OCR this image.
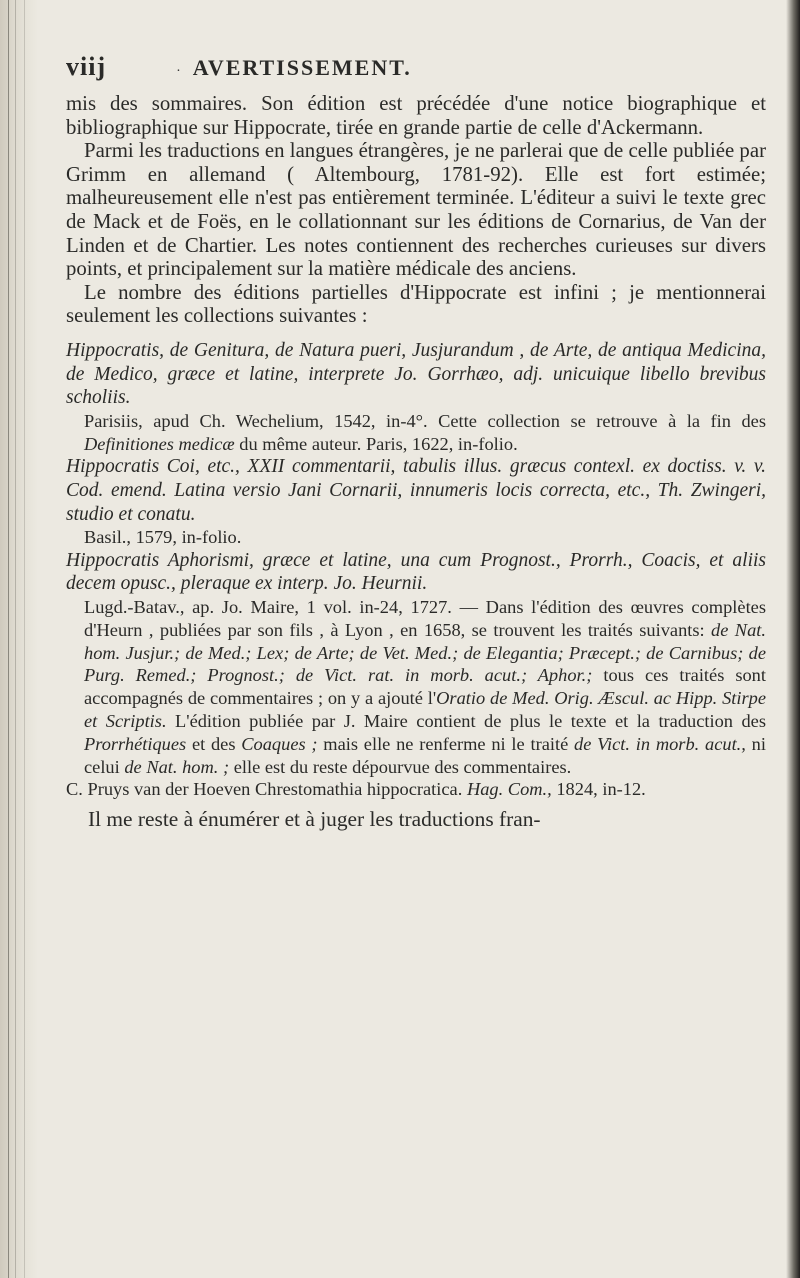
viij	· AVERTISSEMENT.

mis des sommaires. Son édition est précédée d'une notice biographique et bibliographique sur Hippocrate, tirée en grande partie de celle d'Ackermann.

Parmi les traductions en langues étrangères, je ne parlerai que de celle publiée par Grimm en allemand ( Altembourg, 1781-92). Elle est fort estimée; malheureusement elle n'est pas entièrement terminée. L'éditeur a suivi le texte grec de Mack et de Foës, en le collationnant sur les éditions de Cornarius, de Van der Linden et de Chartier. Les notes contiennent des recherches curieuses sur divers points, et principalement sur la matière médicale des anciens.

Le nombre des éditions partielles d'Hippocrate est infini ; je mentionnerai seulement les collections suivantes :

Hippocratis, de Genitura, de Natura pueri, Jusjurandum , de Arte, de antiqua Medicina, de Medico, græce et latine, interprete Jo. Gorrhæo, adj. unicuique libello brevibus scholiis.
Parisiis, apud Ch. Wechelium, 1542, in-4°. Cette collection se retrouve à la fin des Definitiones medicæ du même auteur. Paris, 1622, in-folio.
Hippocratis Coi, etc., XXII commentarii, tabulis illus. græcus contexl. ex doctiss. v. v. Cod. emend. Latina versio Jani Cornarii, innumeris locis correcta, etc., Th. Zwingeri, studio et conatu.
Basil., 1579, in-folio.
Hippocratis Aphorismi, græce et latine, una cum Prognost., Prorrh., Coacis, et aliis decem opusc., pleraque ex interp. Jo. Heurnii.
Lugd.-Batav., ap. Jo. Maire, 1 vol. in-24, 1727. — Dans l'édition des œuvres complètes d'Heurn , publiées par son fils , à Lyon , en 1658, se trouvent les traités suivants: de Nat. hom. Jusjur.; de Med.; Lex; de Arte; de Vet. Med.; de Elegantia; Præcept.; de Carnibus; de Purg. Remed.; Prognost.; de Vict. rat. in morb. acut.; Aphor.; tous ces traités sont accompagnés de commentaires ; on y a ajouté l'Oratio de Med. Orig. Æscul. ac Hipp. Stirpe et Scriptis. L'édition publiée par J. Maire contient de plus le texte et la traduction des Prorrhétiques et des Coaques ; mais elle ne renferme ni le traité de Vict. in morb. acut., ni celui de Nat. hom. ; elle est du reste dépourvue des commentaires.
C. Pruys van der Hoeven Chrestomathia hippocratica. Hag. Com., 1824, in-12.

Il me reste à énumérer et à juger les traductions fran-
